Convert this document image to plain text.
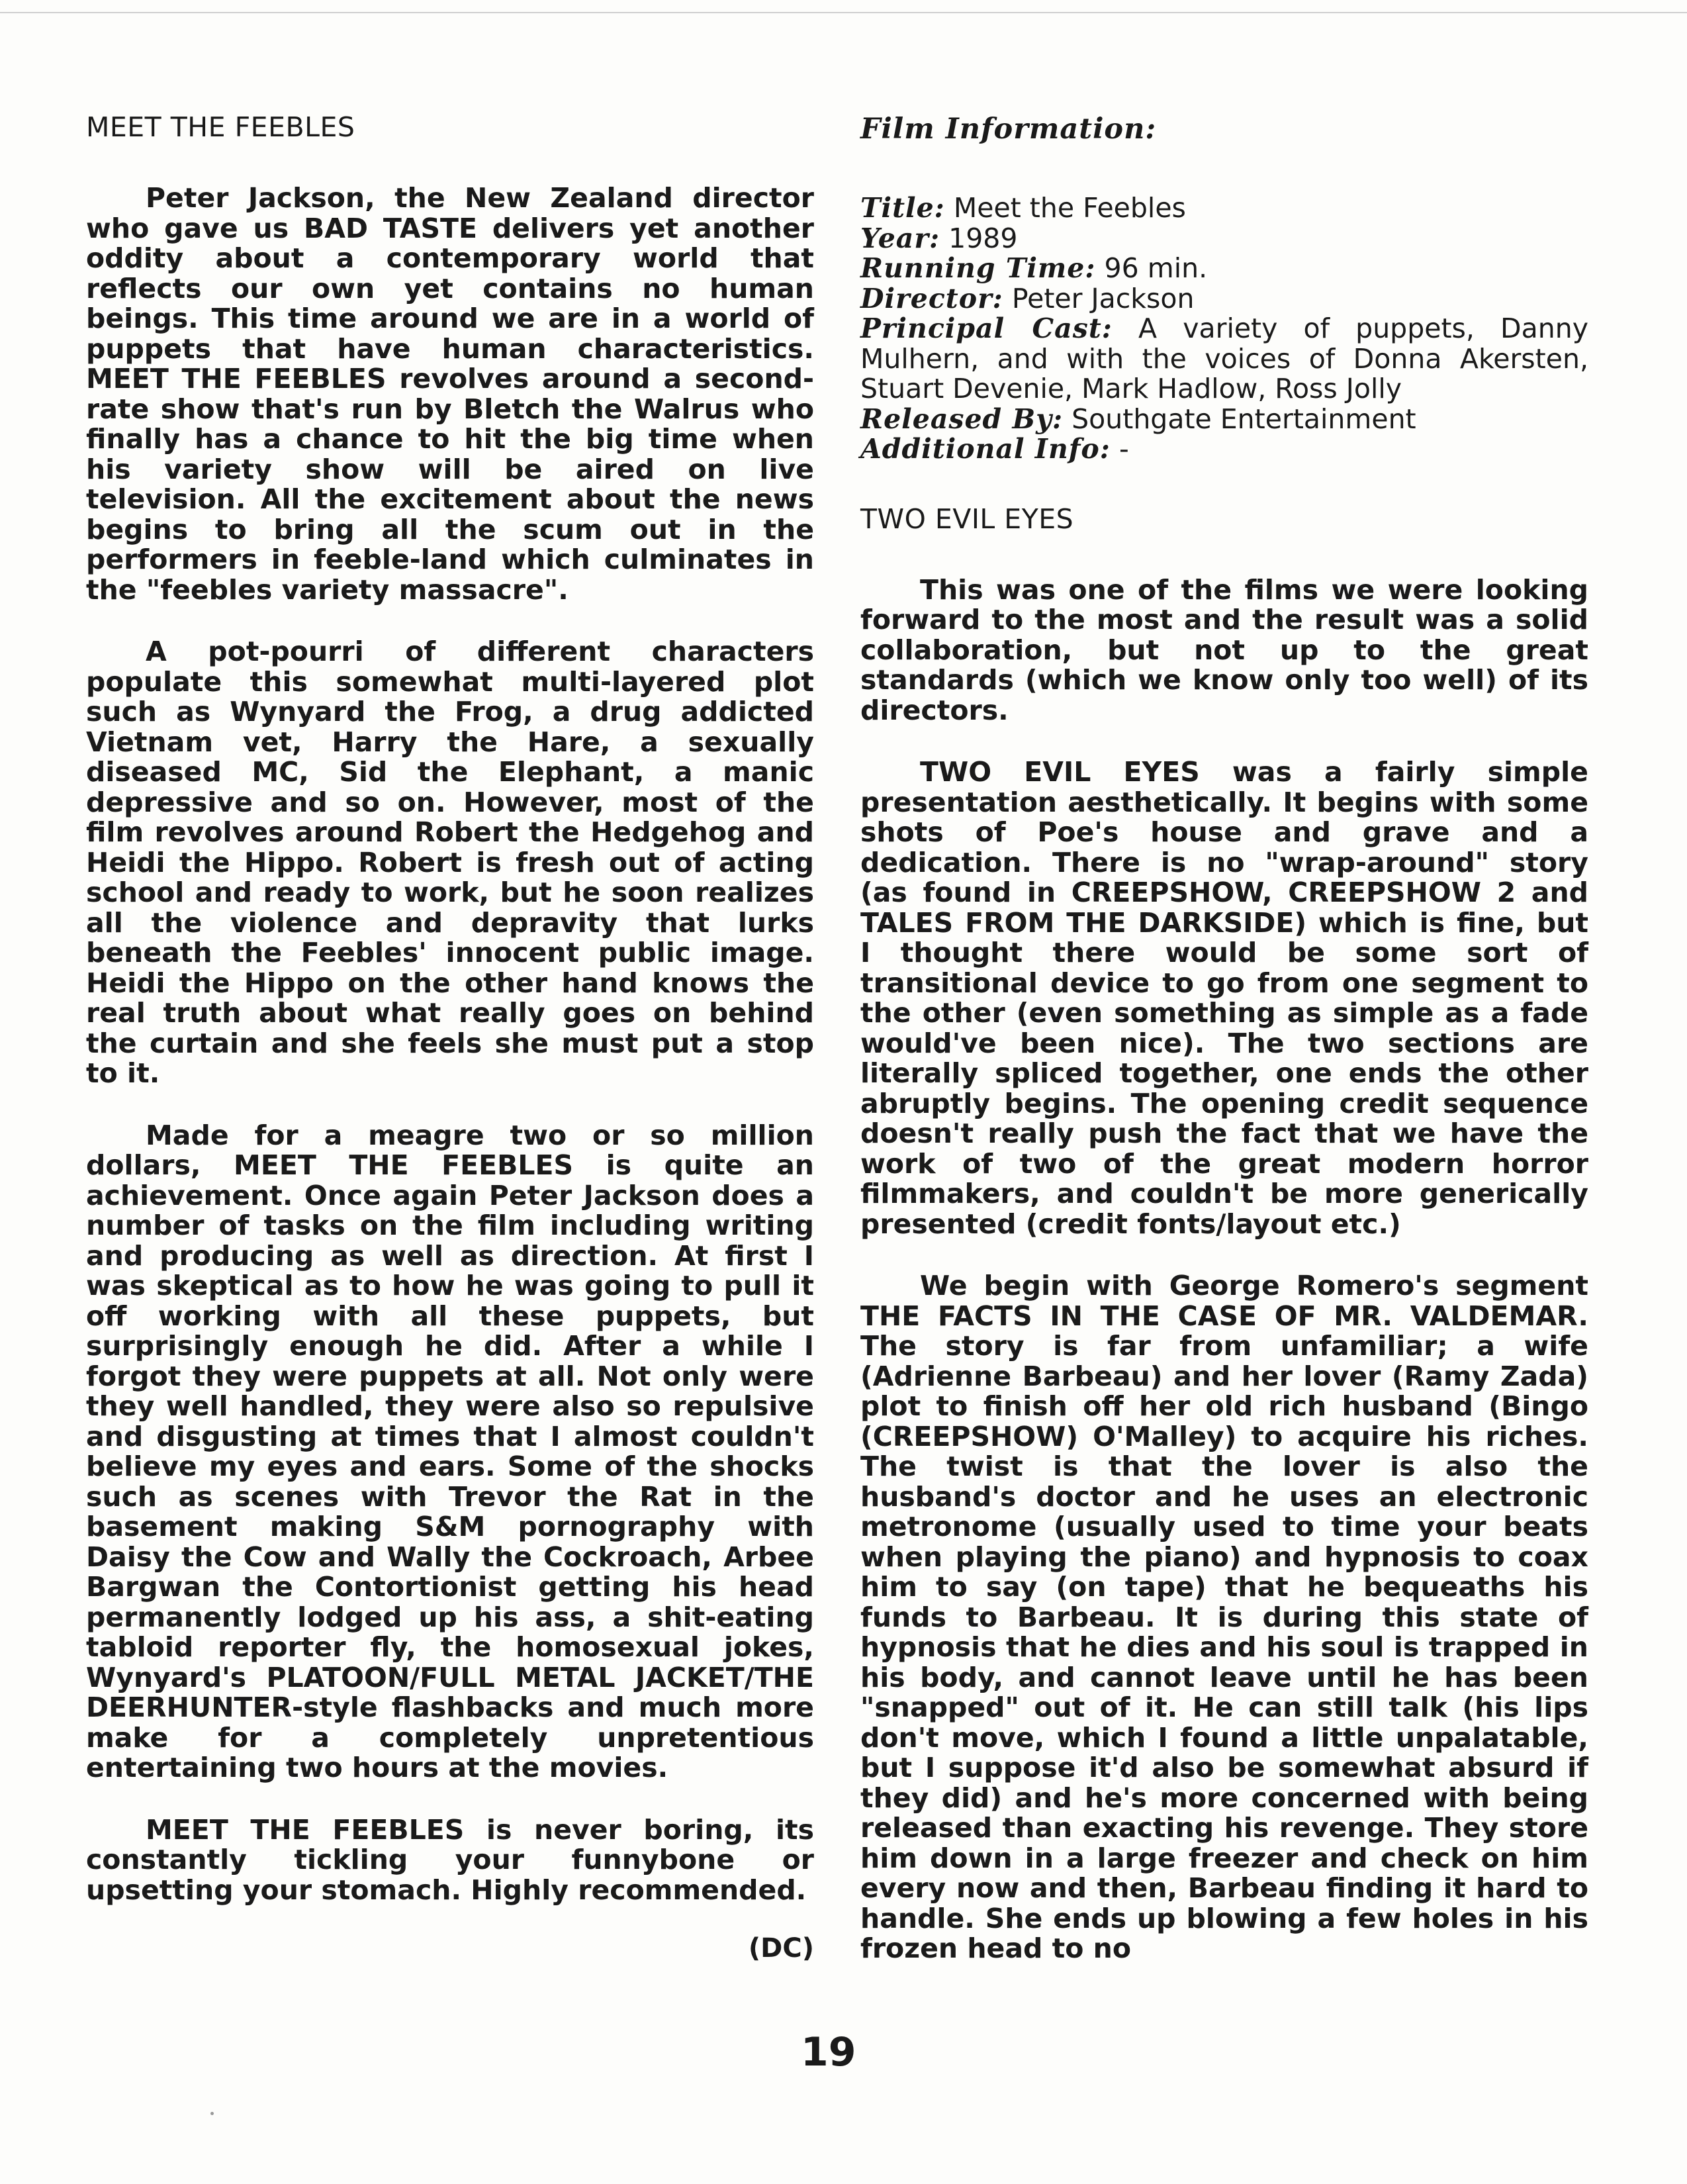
MEET THE FEEBLES

Peter Jackson, the New Zealand director who gave us BAD TASTE delivers yet another oddity about a contemporary world that reflects our own yet contains no human beings. This time around we are in a world of puppets that have human characteristics. MEET THE FEEBLES revolves around a second-rate show that's run by Bletch the Walrus who finally has a chance to hit the big time when his variety show will be aired on live television. All the excitement about the news begins to bring all the scum out in the performers in feeble-land which culminates in the "feebles variety massacre".

A pot-pourri of different characters populate this somewhat multi-layered plot such as Wynyard the Frog, a drug addicted Vietnam vet, Harry the Hare, a sexually diseased MC, Sid the Elephant, a manic depressive and so on. However, most of the film revolves around Robert the Hedgehog and Heidi the Hippo. Robert is fresh out of acting school and ready to work, but he soon realizes all the violence and depravity that lurks beneath the Feebles' innocent public image. Heidi the Hippo on the other hand knows the real truth about what really goes on behind the curtain and she feels she must put a stop to it.

Made for a meagre two or so million dollars, MEET THE FEEBLES is quite an achievement. Once again Peter Jackson does a number of tasks on the film including writing and producing as well as direction. At first I was skeptical as to how he was going to pull it off working with all these puppets, but surprisingly enough he did. After a while I forgot they were puppets at all. Not only were they well handled, they were also so repulsive and disgusting at times that I almost couldn't believe my eyes and ears. Some of the shocks such as scenes with Trevor the Rat in the basement making S&M pornography with Daisy the Cow and Wally the Cockroach, Arbee Bargwan the Contortionist getting his head permanently lodged up his ass, a shit-eating tabloid reporter fly, the homosexual jokes, Wynyard's PLATOON/FULL METAL JACKET/THE DEERHUNTER-style flashbacks and much more make for a completely unpretentious entertaining two hours at the movies.

MEET THE FEEBLES is never boring, its constantly tickling your funnybone or upsetting your stomach. Highly recommended.

(DC)
Film Information:

Title: Meet the Feebles

Year: 1989

Running Time: 96 min.

Director: Peter Jackson

Principal Cast: A variety of puppets, Danny Mulhern, and with the voices of Donna Akersten, Stuart Devenie, Mark Hadlow, Ross Jolly

Released By: Southgate Entertainment

Additional Info: -

TWO EVIL EYES

This was one of the films we were looking forward to the most and the result was a solid collaboration, but not up to the great standards (which we know only too well) of its directors.

TWO EVIL EYES was a fairly simple presentation aesthetically. It begins with some shots of Poe's house and grave and a dedication. There is no "wrap-around" story (as found in CREEPSHOW, CREEPSHOW 2 and TALES FROM THE DARKSIDE) which is fine, but I thought there would be some sort of transitional device to go from one segment to the other (even something as simple as a fade would've been nice). The two sections are literally spliced together, one ends the other abruptly begins. The opening credit sequence doesn't really push the fact that we have the work of two of the great modern horror filmmakers, and couldn't be more generically presented (credit fonts/layout etc.)

We begin with George Romero's segment THE FACTS IN THE CASE OF MR. VALDEMAR. The story is far from unfamiliar; a wife (Adrienne Barbeau) and her lover (Ramy Zada) plot to finish off her old rich husband (Bingo (CREEPSHOW) O'Malley) to acquire his riches. The twist is that the lover is also the husband's doctor and he uses an electronic metronome (usually used to time your beats when playing the piano) and hypnosis to coax him to say (on tape) that he bequeaths his funds to Barbeau. It is during this state of hypnosis that he dies and his soul is trapped in his body, and cannot leave until he has been "snapped" out of it. He can still talk (his lips don't move, which I found a little unpalatable, but I suppose it'd also be somewhat absurd if they did) and he's more concerned with being released than exacting his revenge. They store him down in a large freezer and check on him every now and then, Barbeau finding it hard to handle. She ends up blowing a few holes in his frozen head to no

19
